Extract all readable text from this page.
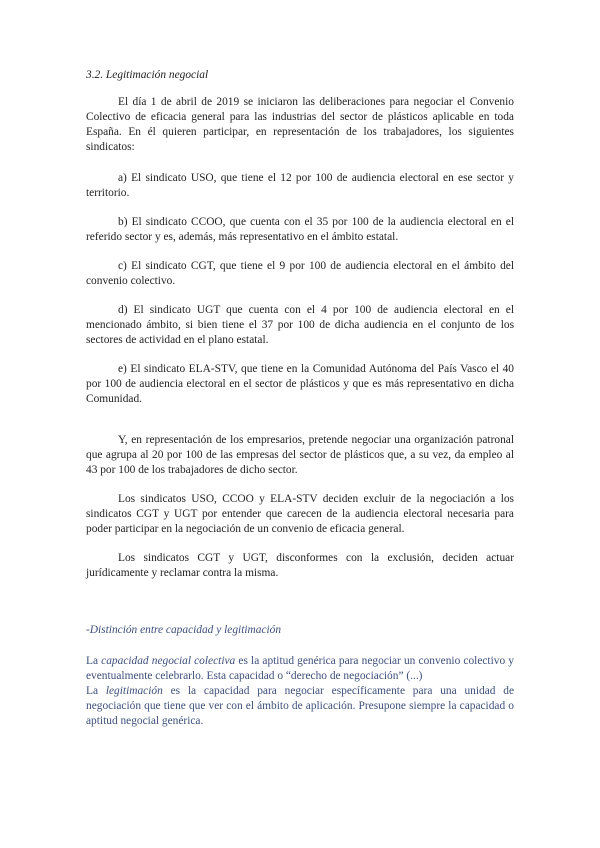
3.2. Legitimación negocial

El día 1 de abril de 2019 se iniciaron las deliberaciones para negociar el Convenio Colectivo de eficacia general para las industrias del sector de plásticos aplicable en toda España. En él quieren participar, en representación de los trabajadores, los siguientes sindicatos:

a) El sindicato USO, que tiene el 12 por 100 de audiencia electoral en ese sector y territorio.

b) El sindicato CCOO, que cuenta con el 35 por 100 de la audiencia electoral en el referido sector y es, además, más representativo en el ámbito estatal.

c) El sindicato CGT, que tiene el 9 por 100 de audiencia electoral en el ámbito del convenio colectivo.

d) El sindicato UGT que cuenta con el 4 por 100 de audiencia electoral en el mencionado ámbito, si bien tiene el 37 por 100 de dicha audiencia en el conjunto de los sectores de actividad en el plano estatal.

e) El sindicato ELA-STV, que tiene en la Comunidad Autónoma del País Vasco el 40 por 100 de audiencia electoral en el sector de plásticos y que es más representativo en dicha Comunidad.

Y, en representación de los empresarios, pretende negociar una organización patronal que agrupa al 20 por 100 de las empresas del sector de plásticos que, a su vez, da empleo al 43 por 100 de los trabajadores de dicho sector.

Los sindicatos USO, CCOO y ELA-STV deciden excluir de la negociación a los sindicatos CGT y UGT por entender que carecen de la audiencia electoral necesaria para poder participar en la negociación de un convenio de eficacia general.

Los sindicatos CGT y UGT, disconformes con la exclusión, deciden actuar jurídicamente y reclamar contra la misma.

-Distinción entre capacidad y legitimación

La capacidad negocial colectiva es la aptitud genérica para negociar un convenio colectivo y eventualmente celebrarlo. Esta capacidad o “derecho de negociación” (...)

La legitimación es la capacidad para negociar específicamente para una unidad de negociación que tiene que ver con el ámbito de aplicación. Presupone siempre la capacidad o aptitud negocial genérica.
